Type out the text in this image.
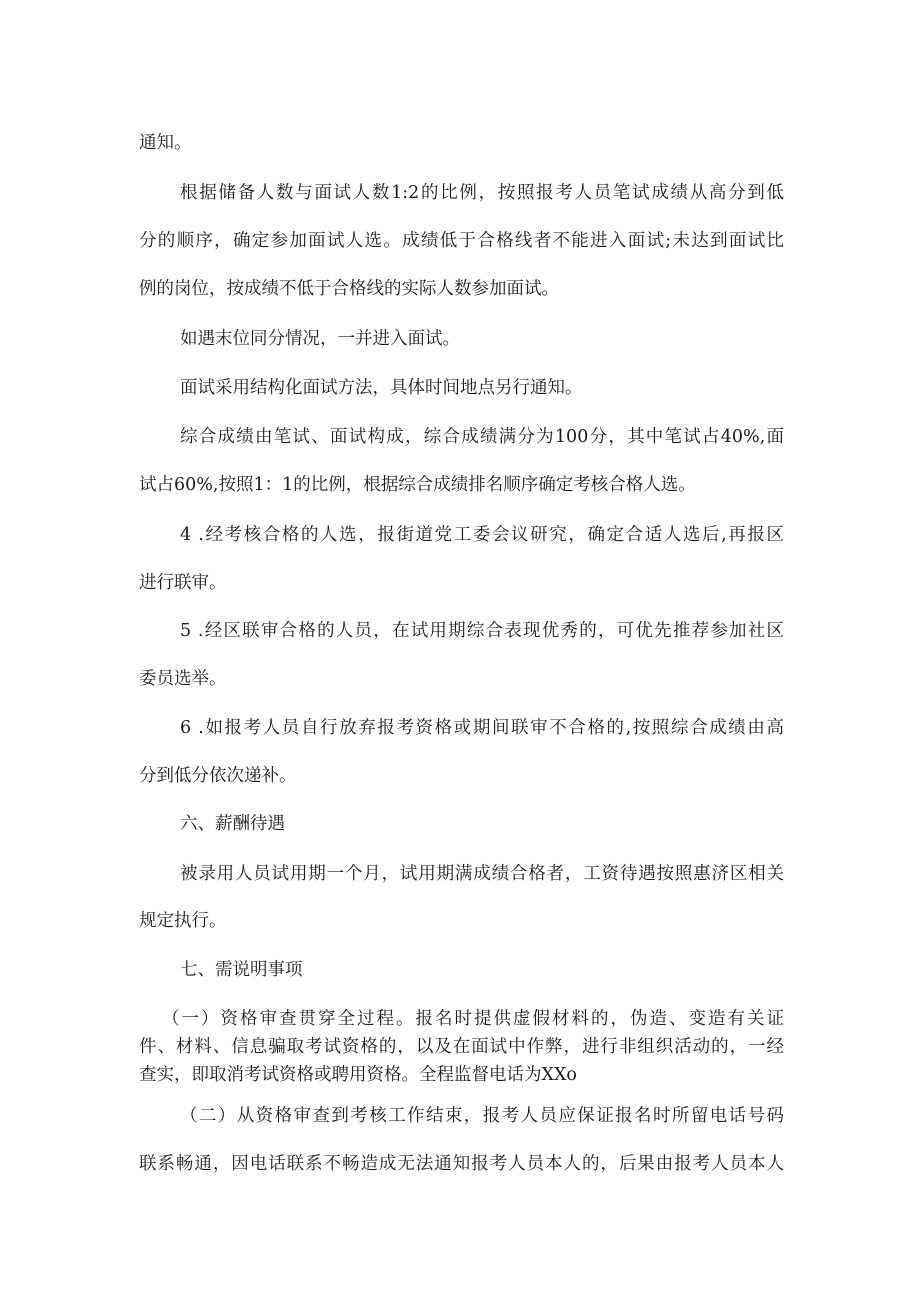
通知。
根据储备人数与面试人数1:2的比例，按照报考人员笔试成绩从高分到低
分的顺序，确定参加面试人选。成绩低于合格线者不能进入面试;未达到面试比
例的岗位，按成绩不低于合格线的实际人数参加面试。
如遇末位同分情况，一并进入面试。
面试采用结构化面试方法，具体时间地点另行通知。
综合成绩由笔试、面试构成，综合成绩满分为100分，其中笔试占40%,面
试占60%,按照1：1的比例，根据综合成绩排名顺序确定考核合格人选。
4 .经考核合格的人选，报街道党工委会议研究，确定合适人选后,再报区
进行联审。
5 .经区联审合格的人员，在试用期综合表现优秀的，可优先推荐参加社区
委员选举。
6 .如报考人员自行放弃报考资格或期间联审不合格的,按照综合成绩由高
分到低分依次递补。
六、薪酬待遇
被录用人员试用期一个月，试用期满成绩合格者，工资待遇按照惠济区相关
规定执行。
七、需说明事项
（一）资格审查贯穿全过程。报名时提供虚假材料的，伪造、变造有关证
件、材料、信息骗取考试资格的，以及在面试中作弊，进行非组织活动的，一经
查实，即取消考试资格或聘用资格。全程监督电话为XXo
（二）从资格审查到考核工作结束，报考人员应保证报名时所留电话号码
联系畅通，因电话联系不畅造成无法通知报考人员本人的，后果由报考人员本人
